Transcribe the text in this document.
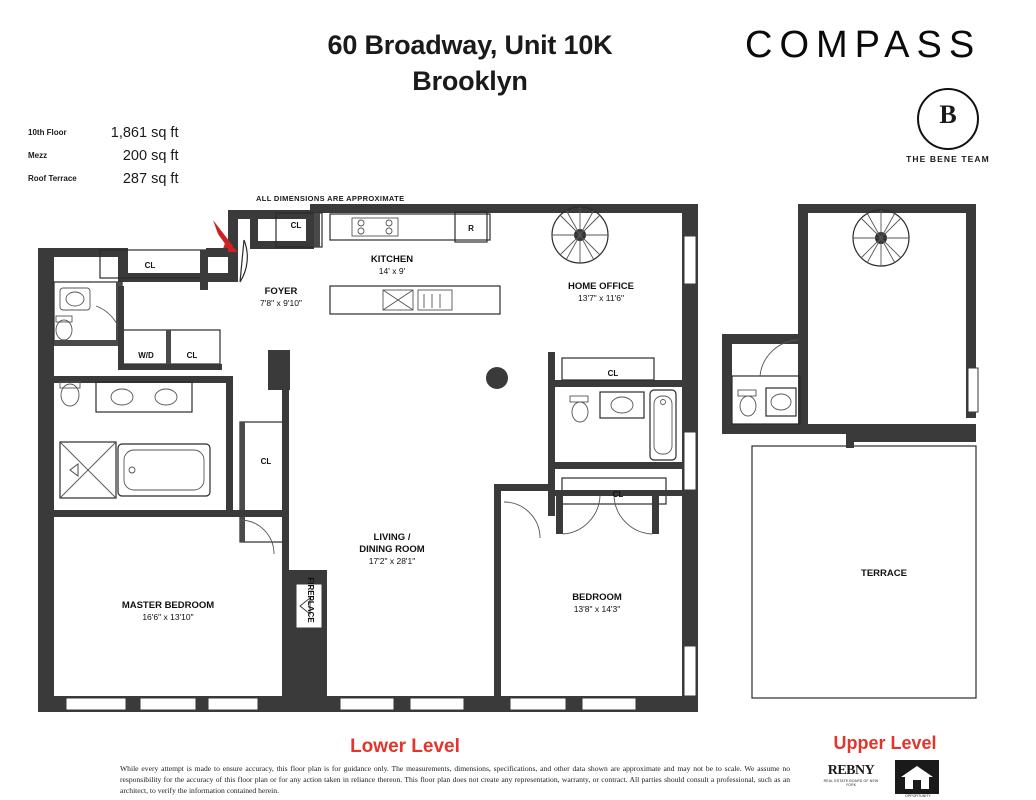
60 Broadway, Unit 10K
Brooklyn
COMPASS
B
THE BENE TEAM
10th Floor	1,861 sq ft
Mezz	200 sq ft
Roof Terrace	287 sq ft
ALL DIMENSIONS ARE APPROXIMATE
KITCHEN
14' x 9'
FOYER
7'8" x 9'10"
HOME OFFICE
13'7" x 11'6"
LIVING /
DINING ROOM
17'2" x 28'1"
MASTER BEDROOM
16'6" x 13'10"
BEDROOM
13'8" x 14'3"
TERRACE
CL
CL
CL
CL
CL
CL
W/D
R
FIREPLACE
Lower Level	Upper Level
While every attempt is made to ensure accuracy, this floor plan is for guidance only. The measurements, dimensions, specifications, and other data shown are approximate and may not be to scale. We assume no responsibility for the accuracy of this floor plan or for any action taken in reliance thereon. This floor plan does not create any representation, warranty, or contract. All parties should consult a professional, such as an architect, to verify the information contained herein.
REBNY
REAL ESTATE BOARD OF NEW YORK
EQUAL HOUSING OPPORTUNITY
